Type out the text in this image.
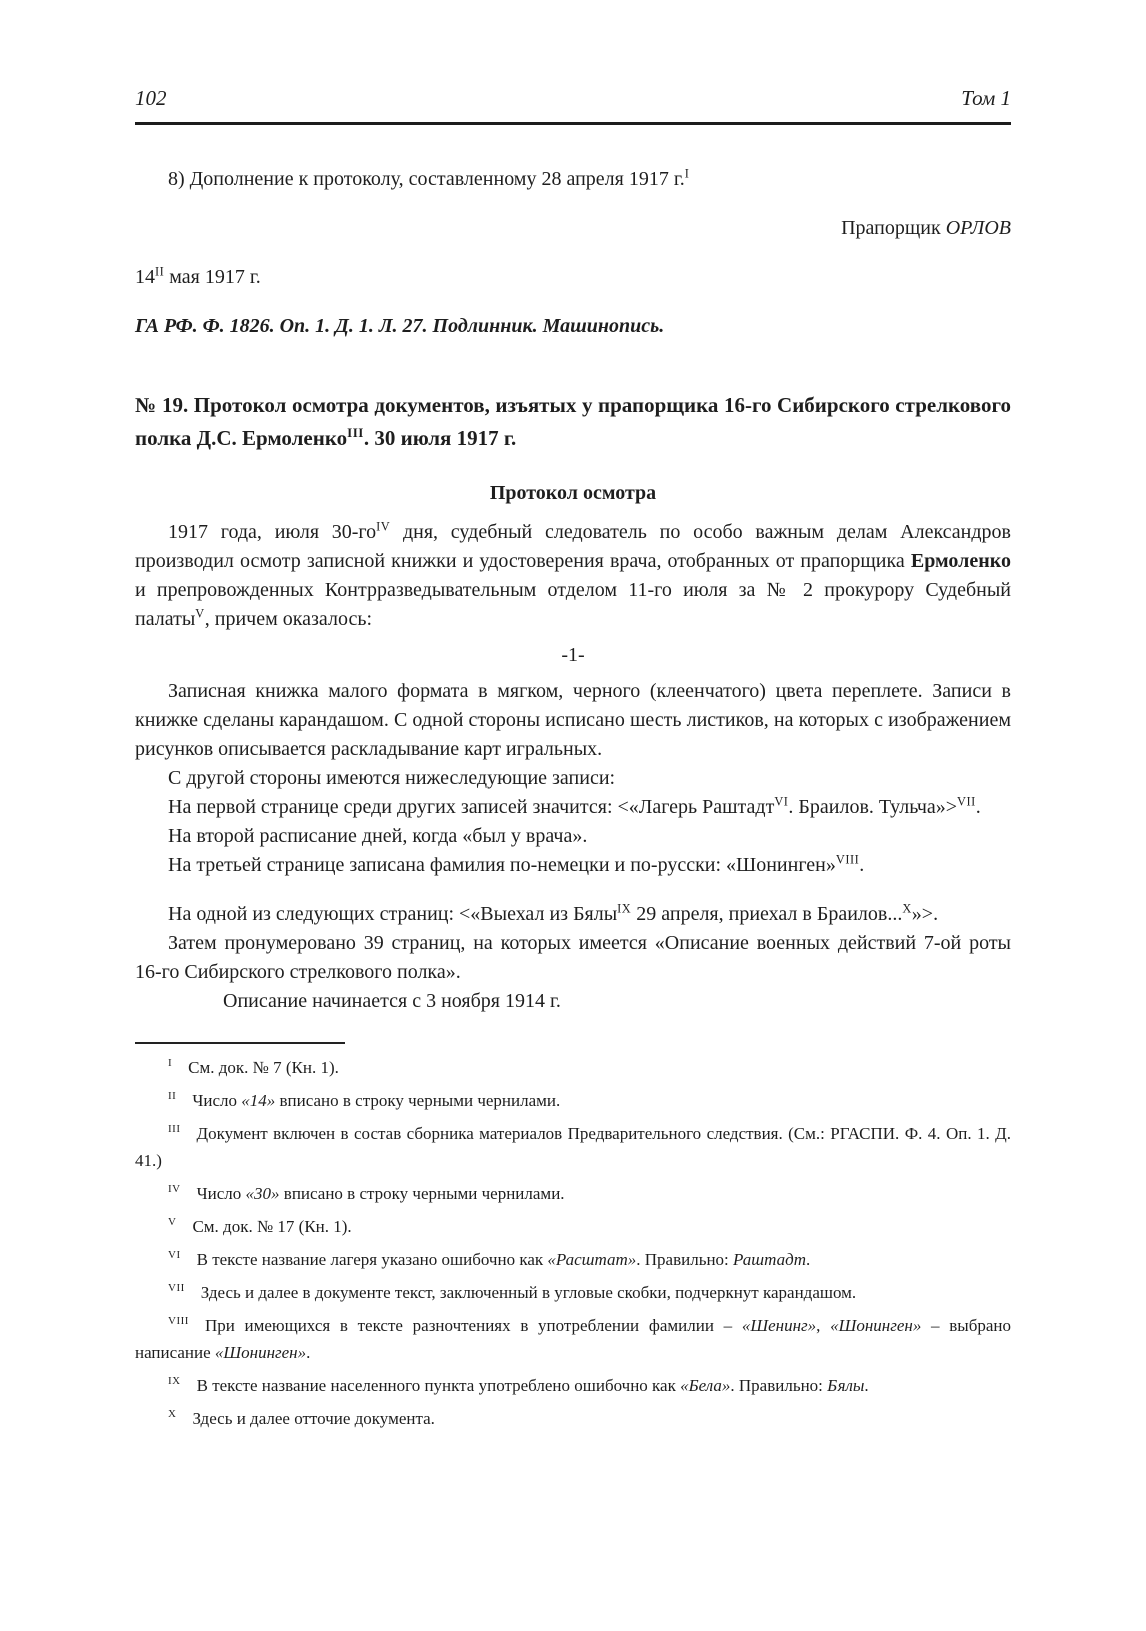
102	Том 1

8) Дополнение к протоколу, составленному 28 апреля 1917 г.$^I$

Прапорщик ОРЛОВ

$14^{II}$ мая 1917 г.

ГА РФ. Ф. 1826. Оп. 1. Д. 1. Л. 27. Подлинник. Машинопись.

№ 19. Протокол осмотра документов, изъятых у прапорщика 16-го Сибирского стрелкового полка Д.С. Ермоленко$^{III}$. 30 июля 1917 г.
Протокол осмотра

1917 года, июля $30-го^{IV}$ дня, судебный следователь по особо важным делам Александров производил осмотр записной книжки и удостоверения врача, отобранных от прапорщика Ермоленко и препровожденных Контрразведывательным отделом 11-го июля за № 2 прокурору Судебный палаты$^V$, причем оказалось:

-1-

Записная книжка малого формата в мягком, черного (клеенчатого) цвета переплете. Записи в книжке сделаны карандашом. С одной стороны исписано шесть листиков, на которых с изображением рисунков описывается раскладывание карт игральных.

С другой стороны имеются нижеследующие записи:

На первой странице среди других записей значится: <«Лагерь Раштадт$^{VI}$. Браилов. Тульча»>$^{VII}$.

На второй расписание дней, когда «был у врача».

На третьей странице записана фамилия по-немецки и по-русски: «Шонинген»$^{VIII}$.

На одной из следующих страниц: <«Выехал из Бялы$^{IX}$ 29 апреля, приехал в Браилов...$^X$»>.

Затем пронумеровано 39 страниц, на которых имеется «Описание военных действий 7-ой роты 16-го Сибирского стрелкового полка».

Описание начинается с 3 ноября 1914 г.

$^I$ См. док. № 7 (Кн. 1).
$^{II}$ Число «14» вписано в строку черными чернилами.
$^{III}$ Документ включен в состав сборника материалов Предварительного следствия. (См.: РГАСПИ. Ф. 4. Оп. 1. Д. 41.)
$^{IV}$ Число «30» вписано в строку черными чернилами.
$^V$ См. док. № 17 (Кн. 1).
$^{VI}$ В тексте название лагеря указано ошибочно как «Расштат». Правильно: Раштадт.
$^{VII}$ Здесь и далее в документе текст, заключенный в угловые скобки, подчеркнут карандашом.
$^{VIII}$ При имеющихся в тексте разночтениях в употреблении фамилии – «Шенинг», «Шонинген» – выбрано написание «Шонинген».
$^{IX}$ В тексте название населенного пункта употреблено ошибочно как «Бела». Правильно: Бялы.
$^X$ Здесь и далее отточие документа.
